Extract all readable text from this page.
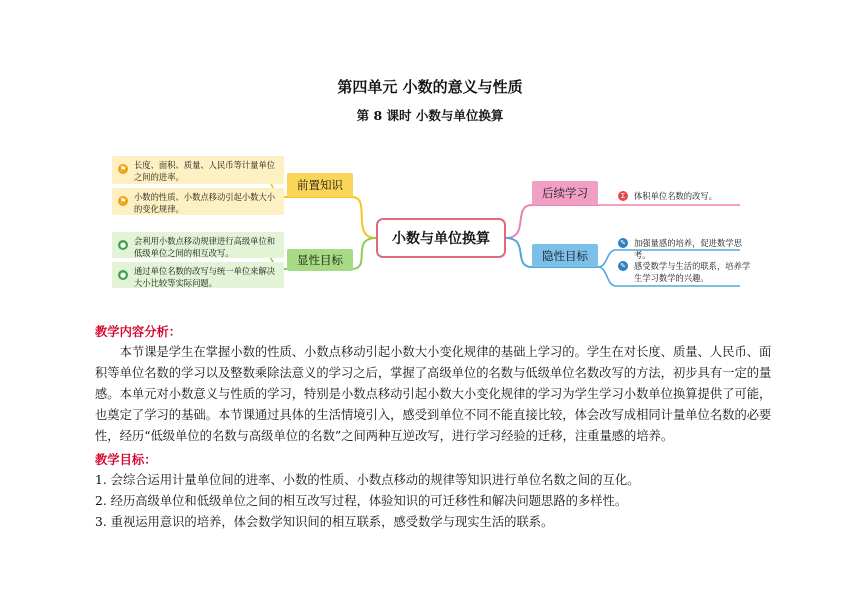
第四单元 小数的意义与性质
第 8 课时 小数与单位换算
小数与单位换算
前置知识
显性目标
后续学习
隐性目标
⚑ 长度、面积、质量、人民币等计量单位之间的进率。
⚑ 小数的性质、小数点移动引起小数大小的变化规律。
● 会利用小数点移动规律进行高级单位和低级单位之间的相互改写。
● 通过单位名数的改写与统一单位来解决大小比较等实际问题。
Σ	体积单位名数的改写。
✎ 加强量感的培养，促进数学思考。
✎ 感受数学与生活的联系，培养学生学习数学的兴趣。
教学内容分析：

本节课是学生在掌握小数的性质、小数点移动引起小数大小变化规律的基础上学习的。学生在对长度、质量、人民币、面积等单位名数的学习以及整数乘除法意义的学习之后，掌握了高级单位的名数与低级单位名数改写的方法，初步具有一定的量感。本单元对小数意义与性质的学习，特别是小数点移动引起小数大小变化规律的学习为学生学习小数单位换算提供了可能，也奠定了学习的基础。本节课通过具体的生活情境引入，感受到单位不同不能直接比较，体会改写成相同计量单位名数的必要性，经历“低级单位的名数与高级单位的名数”之间两种互逆改写，进行学习经验的迁移，注重量感的培养。

教学目标：

1. 会综合运用计量单位间的进率、小数的性质、小数点移动的规律等知识进行单位名数之间的互化。

2. 经历高级单位和低级单位之间的相互改写过程，体验知识的可迁移性和解决问题思路的多样性。

3. 重视运用意识的培养，体会数学知识间的相互联系，感受数学与现实生活的联系。
